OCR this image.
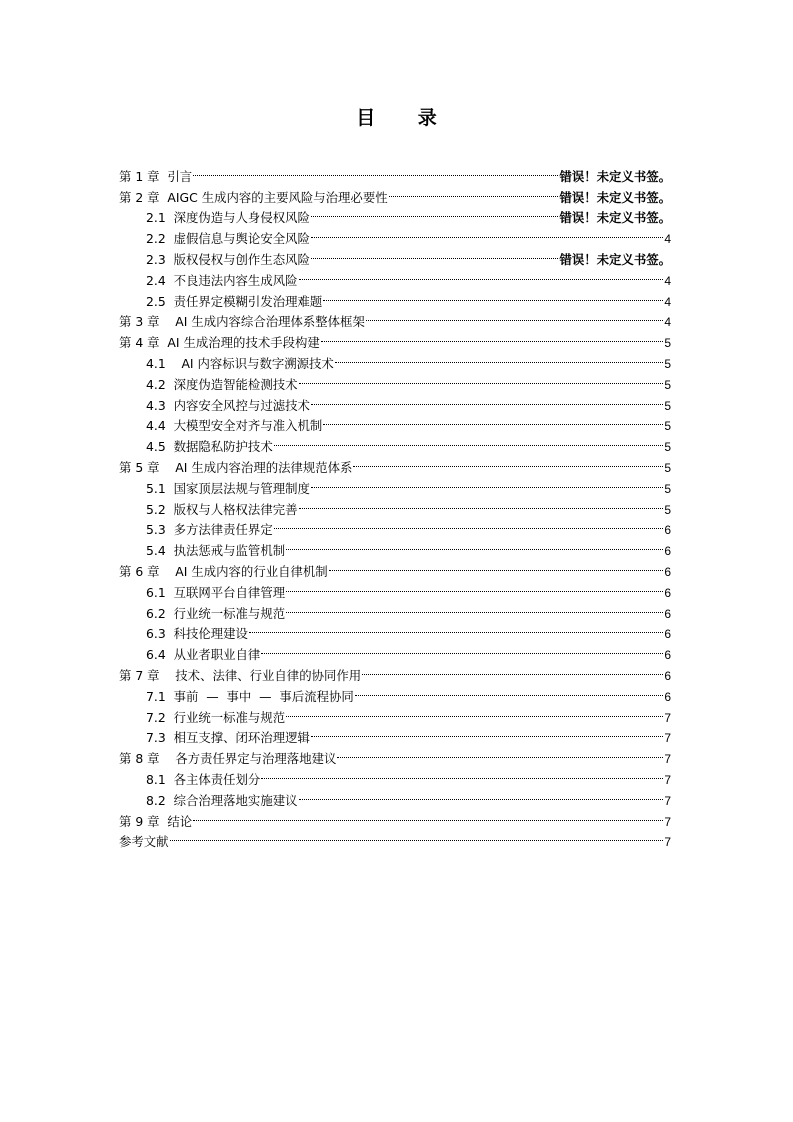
目 录
第 1 章  引言	错误！未定义书签。
第 2 章  AIGC 生成内容的主要风险与治理必要性	错误！未定义书签。
2.1  深度伪造与人身侵权风险	错误！未定义书签。
2.2  虚假信息与舆论安全风险	4
2.3  版权侵权与创作生态风险	错误！未定义书签。
2.4  不良违法内容生成风险	4
2.5  责任界定模糊引发治理难题	4
第 3 章    AI 生成内容综合治理体系整体框架	4
第 4 章  AI 生成治理的技术手段构建	5
4.1    AI 内容标识与数字溯源技术	5
4.2  深度伪造智能检测技术	5
4.3  内容安全风控与过滤技术	5
4.4  大模型安全对齐与准入机制	5
4.5  数据隐私防护技术	5
第 5 章    AI 生成内容治理的法律规范体系	5
5.1  国家顶层法规与管理制度	5
5.2  版权与人格权法律完善	5
5.3  多方法律责任界定	6
5.4  执法惩戒与监管机制	6
第 6 章    AI 生成内容的行业自律机制	6
6.1  互联网平台自律管理	6
6.2  行业统一标准与规范	6
6.3  科技伦理建设	6
6.4  从业者职业自律	6
第 7 章    技术、法律、行业自律的协同作用	6
7.1  事前  —  事中  —  事后流程协同	6
7.2  行业统一标准与规范	7
7.3  相互支撑、闭环治理逻辑	7
第 8 章    各方责任界定与治理落地建议	7
8.1  各主体责任划分	7
8.2  综合治理落地实施建议	7
第 9 章  结论	7
参考文献	7
